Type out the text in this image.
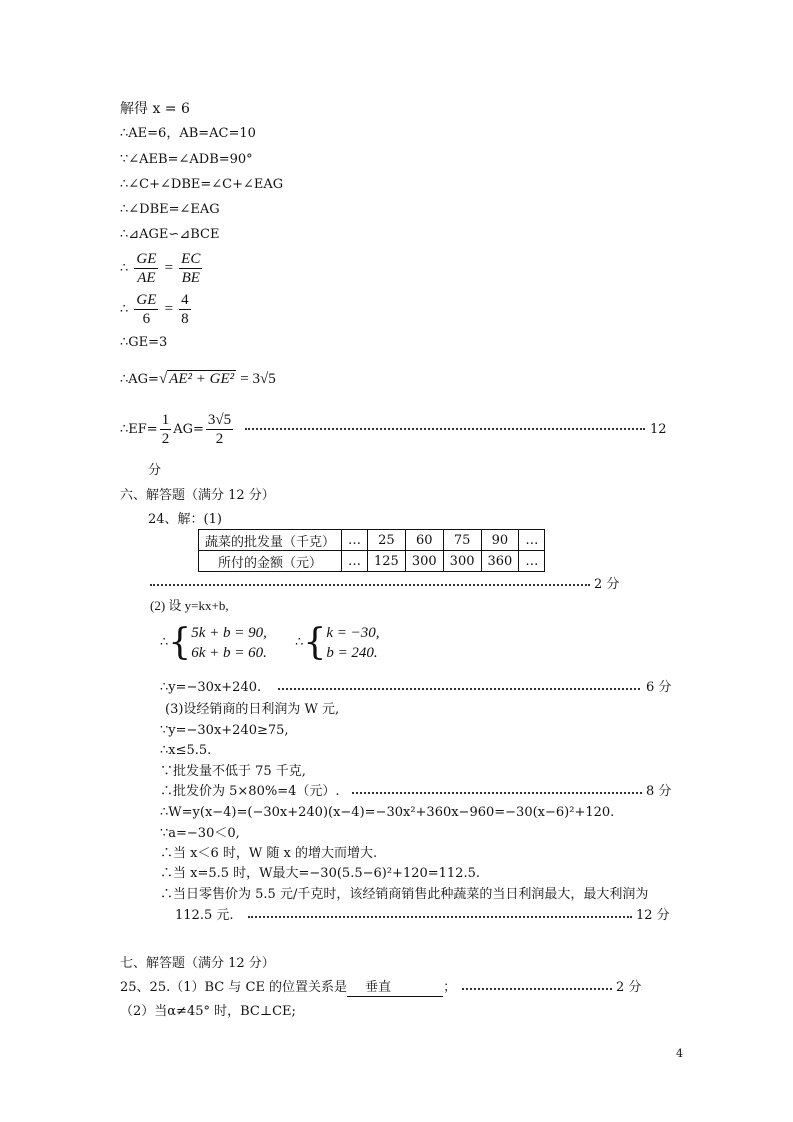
解得 x = 6
∴AE=6，AB=AC=10
∵∠AEB=∠ADB=90°
∴∠C+∠DBE=∠C+∠EAG
∴∠DBE=∠EAG
∴⊿AGE∽⊿BCE
∴ $\frac{GE}{AE} = \frac{EC}{BE}$
∴ $\frac{GE}{6} = \frac{4}{8}$
∴GE=3
∴AG=√ AE² + GE² = 3√5
∴EF= $\frac{1}{2} AG= \frac{3√5}{2}$	12
分
六、解答题（满分 12 分）
24、解：(1)
蔬菜的批发量（千克）	…	25	60	75	90	…
所付的金额（元）	…	125	300	300	360	…
2 分
(2) 设 y=kx+b,
∴{ 5k + b = 90,
6k + b = 60.
∴{ k = −30,
b = 240.
∴y=−30x+240.	6 分
(3)设经销商的日利润为 W 元,
∵y=−30x+240≥75,
∴x≤5.5.
∵批发量不低于 75 千克,
∴批发价为 5×80%=4（元）.	8 分
∴W=y(x−4)=(−30x+240)(x−4)=−30x²+360x−960=−30(x−6)²+120.
∵a=−30＜0,
∴当 x＜6 时，W 随 x 的增大而增大.
∴当 x=5.5 时，W最大=−30(5.5−6)²+120=112.5.
∴当日零售价为 5.5 元/千克时，该经销商销售此种蔬菜的当日利润最大，最大利润为
112.5 元.	12 分
七、解答题（满分 12 分）
25、25.（1）BC 与 CE 的位置关系是 垂直	；	2 分
（2）当α≠45° 时，BC⊥CE;
4
